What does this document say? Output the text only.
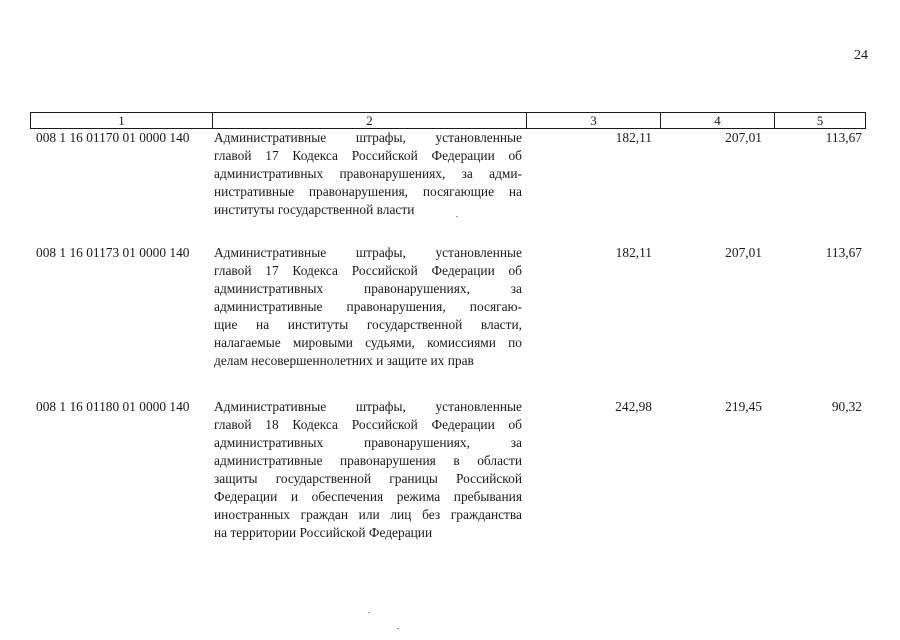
24
1	2	3	4	5
008 1 16 01170 01 0000 140 Административные штрафы, установленные
главой 17 Кодекса Российской Федерации об
административных правонарушениях, за адми-
нистративные правонарушения, посягающие на
институты государственной власти
182,11	207,01	113,67
008 1 16 01173 01 0000 140 Административные штрафы, установленные
главой 17 Кодекса Российской Федерации об
административных правонарушениях, за
административные правонарушения, посягаю-
щие на институты государственной власти,
налагаемые мировыми судьями, комиссиями по
делам несовершеннолетних и защите их прав
182,11	207,01	113,67
008 1 16 01180 01 0000 140 Административные штрафы, установленные
главой 18 Кодекса Российской Федерации об
административных правонарушениях, за
административные правонарушения в области
защиты государственной границы Российской
Федерации и обеспечения режима пребывания
иностранных граждан или лиц без гражданства
на территории Российской Федерации
242,98	219,45	90,32
